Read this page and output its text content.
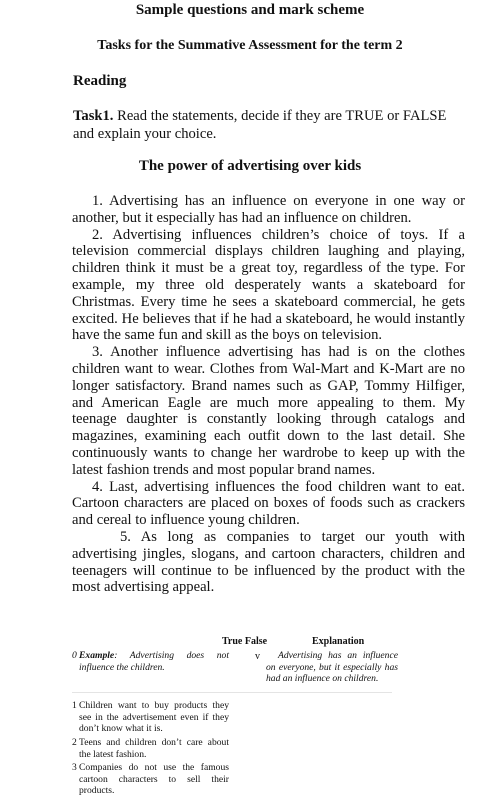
Sample questions and mark scheme
Tasks for the Summative Assessment for the term 2
Reading
Task1. Read the statements, decide if they are TRUE or FALSE and explain your choice.
The power of advertising over kids

1. Advertising has an influence on everyone in one way or another, but it especially has had an influence on children.

2. Advertising influences children’s choice of toys. If a television commercial displays children laughing and playing, children think it must be a great toy, regardless of the type. For example, my three old desperately wants a skateboard for Christmas. Every time he sees a skateboard commercial, he gets excited. He believes that if he had a skateboard, he would instantly have the same fun and skill as the boys on television.

3. Another influence advertising has had is on the clothes children want to wear. Clothes from Wal-Mart and K-Mart are no longer satisfactory. Brand names such as GAP, Tommy Hilfiger, and American Eagle are much more appealing to them. My teenage daughter is constantly looking through catalogs and magazines, examining each outfit down to the last detail. She continuously wants to change her wardrobe to keep up with the latest fashion trends and most popular brand names.

4. Last, advertising influences the food children want to eat. Cartoon characters are placed on boxes of foods such as crackers and cereal to influence young children.

5. As long as companies to target our youth with advertising jingles, slogans, and cartoon characters, children and teenagers will continue to be influenced by the product with the most advertising appeal.

True False	Explanation
0 Example: Advertising does not influence the children.
v	Advertising has an influence on everyone, but it especially has had an influence on children.
1 Children want to buy products they see in the advertisement even if they don’t know what it is.
2 Teens and children don’t care about the latest fashion.
3 Companies do not use the famous cartoon characters to sell their products.
